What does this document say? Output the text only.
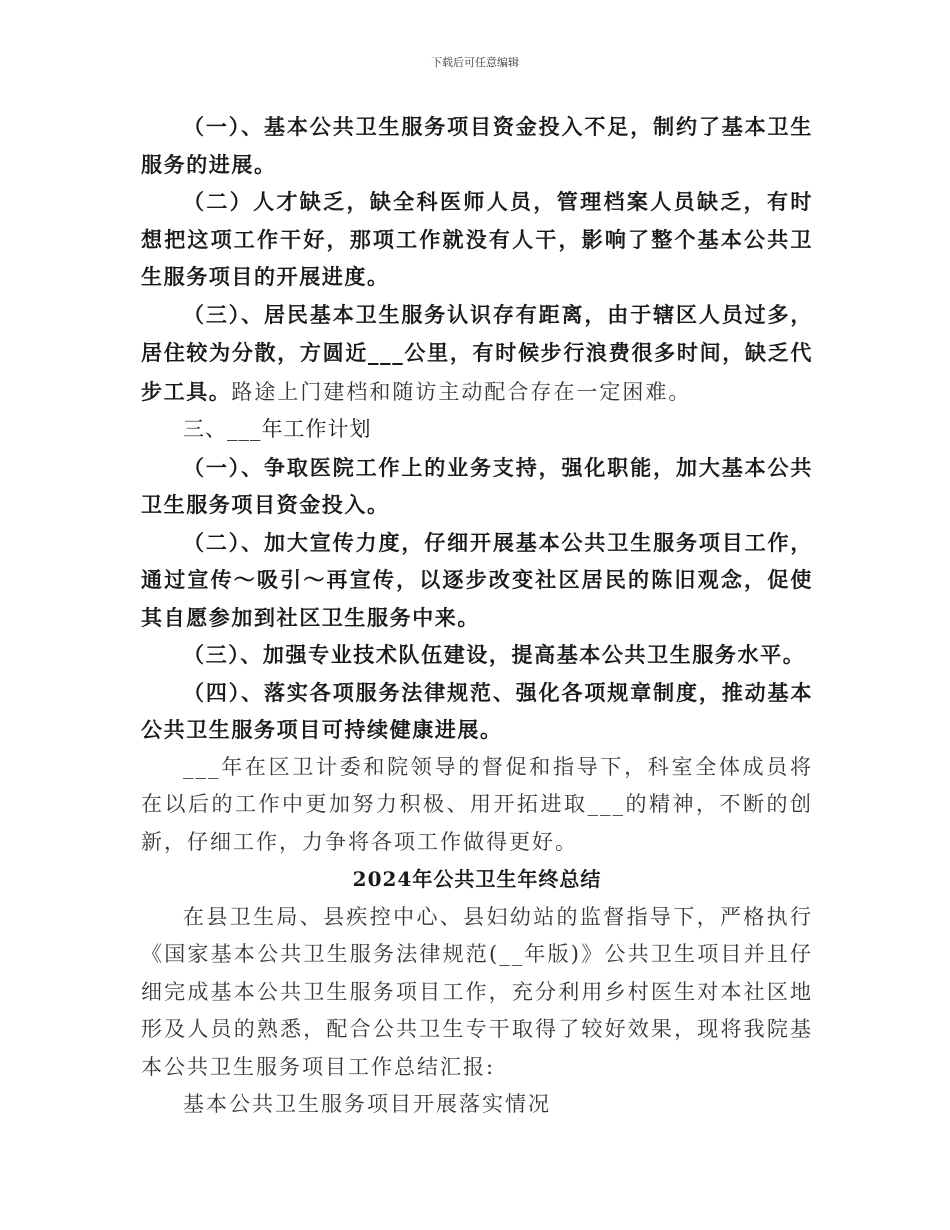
下载后可任意编辑

（一）、基本公共卫生服务项目资金投入不足，制约了基本卫生服务的进展。

（二）人才缺乏，缺全科医师人员，管理档案人员缺乏，有时想把这项工作干好，那项工作就没有人干，影响了整个基本公共卫生服务项目的开展进度。

（三）、居民基本卫生服务认识存有距离，由于辖区人员过多，居住较为分散，方圆近___公里，有时候步行浪费很多时间，缺乏代步工具。路途上门建档和随访主动配合存在一定困难。

三、___年工作计划

（一）、争取医院工作上的业务支持，强化职能，加大基本公共卫生服务项目资金投入。

（二）、加大宣传力度，仔细开展基本公共卫生服务项目工作，通过宣传～吸引～再宣传，以逐步改变社区居民的陈旧观念，促使其自愿参加到社区卫生服务中来。

（三）、加强专业技术队伍建设，提高基本公共卫生服务水平。

（四）、落实各项服务法律规范、强化各项规章制度，推动基本公共卫生服务项目可持续健康进展。

___年在区卫计委和院领导的督促和指导下，科室全体成员将在以后的工作中更加努力积极、用开拓进取___的精神，不断的创新，仔细工作，力争将各项工作做得更好。

2024年公共卫生年终总结

在县卫生局、县疾控中心、县妇幼站的监督指导下，严格执行《国家基本公共卫生服务法律规范(__年版)》公共卫生项目并且仔细完成基本公共卫生服务项目工作，充分利用乡村医生对本社区地形及人员的熟悉，配合公共卫生专干取得了较好效果，现将我院基本公共卫生服务项目工作总结汇报:

基本公共卫生服务项目开展落实情况
